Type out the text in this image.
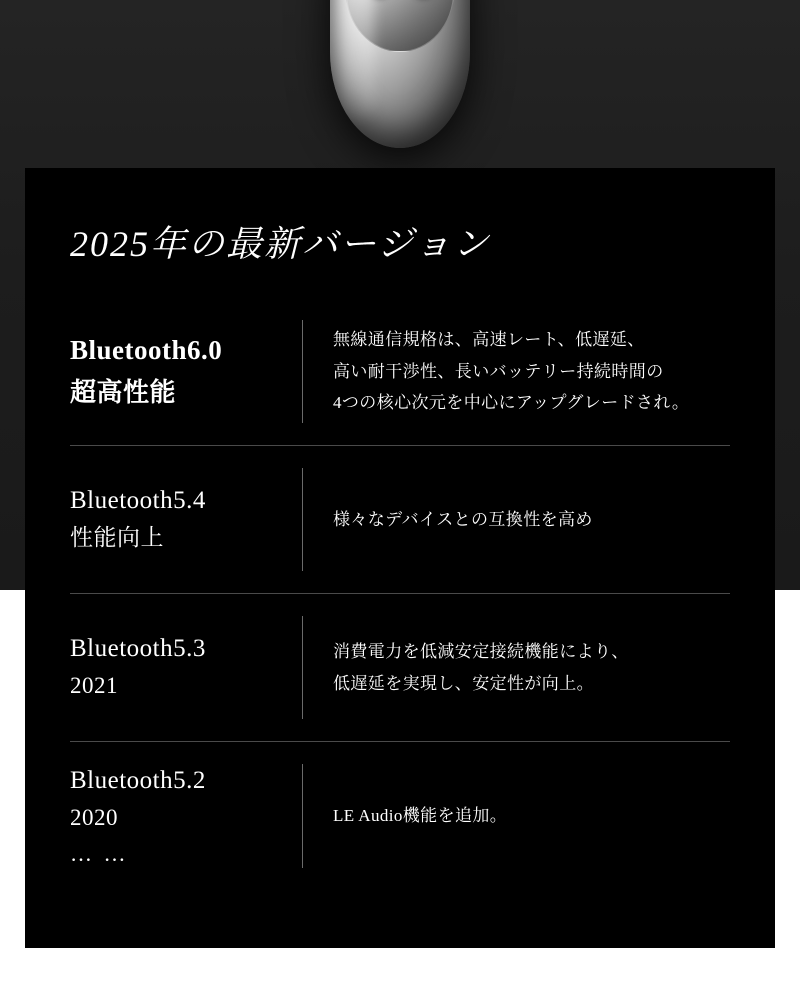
2025年の最新バージョン
Bluetooth6.0
超高性能
無線通信規格は、高速レート、低遅延、
高い耐干渉性、長いバッテリー持続時間の
4つの核心次元を中心にアップグレードされ。
Bluetooth5.4
性能向上
様々なデバイスとの互換性を高め
Bluetooth5.3
2021
消費電力を低減安定接続機能により、
低遅延を実現し、安定性が向上。
Bluetooth5.2
2020
… …
LE Audio機能を追加。
